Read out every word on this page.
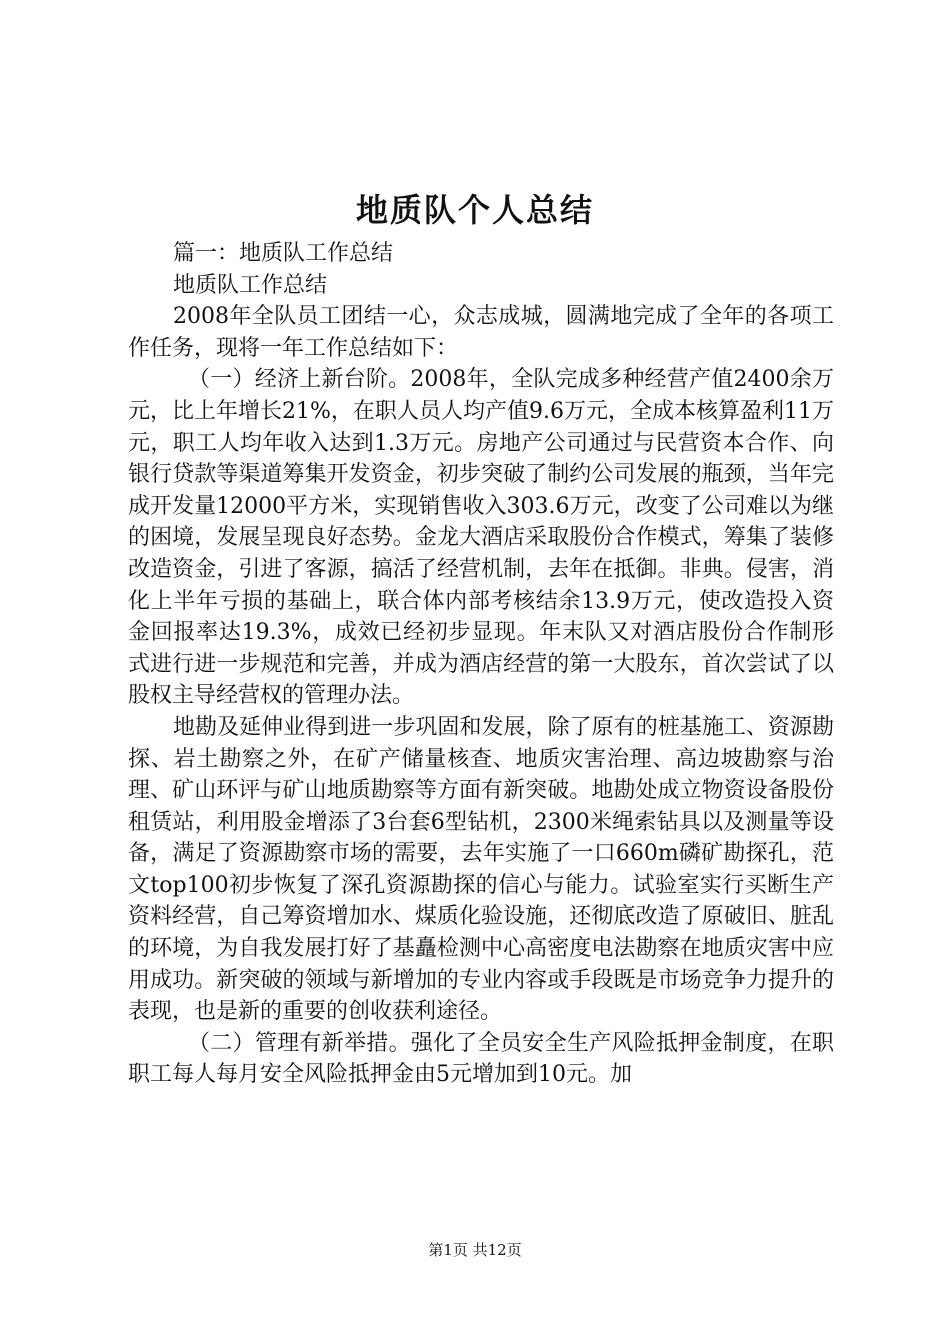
地质队个人总结

篇一：地质队工作总结

地质队工作总结

2008年全队员工团结一心，众志成城，圆满地完成了全年的各项工作任务，现将一年工作总结如下：

（一）经济上新台阶。2008年，全队完成多种经营产值2400余万元，比上年增长21%，在职人员人均产值9.6万元，全成本核算盈利11万元，职工人均年收入达到1.3万元。房地产公司通过与民营资本合作、向银行贷款等渠道筹集开发资金，初步突破了制约公司发展的瓶颈，当年完成开发量12000平方米，实现销售收入303.6万元，改变了公司难以为继的困境，发展呈现良好态势。金龙大酒店采取股份合作模式，筹集了装修改造资金，引进了客源，搞活了经营机制，去年在抵御。非典。侵害，消化上半年亏损的基础上，联合体内部考核结余13.9万元，使改造投入资金回报率达19.3%，成效已经初步显现。年末队又对酒店股份合作制形式进行进一步规范和完善，并成为酒店经营的第一大股东，首次尝试了以股权主导经营权的管理办法。

地勘及延伸业得到进一步巩固和发展，除了原有的桩基施工、资源勘探、岩土勘察之外，在矿产储量核查、地质灾害治理、高边坡勘察与治理、矿山环评与矿山地质勘察等方面有新突破。地勘处成立物资设备股份租赁站，利用股金增添了3台套6型钻机，2300米绳索钻具以及测量等设备，满足了资源勘察市场的需要，去年实施了一口660m磷矿勘探孔，范文top100初步恢复了深孔资源勘探的信心与能力。试验室实行买断生产资料经营，自己筹资增加水、煤质化验设施，还彻底改造了原破旧、脏乱的环境，为自我发展打好了基矗检测中心高密度电法勘察在地质灾害中应用成功。新突破的领域与新增加的专业内容或手段既是市场竞争力提升的表现，也是新的重要的创收获利途径。

（二）管理有新举措。强化了全员安全生产风险抵押金制度，在职职工每人每月安全风险抵押金由5元增加到10元。加

第1页 共12页
